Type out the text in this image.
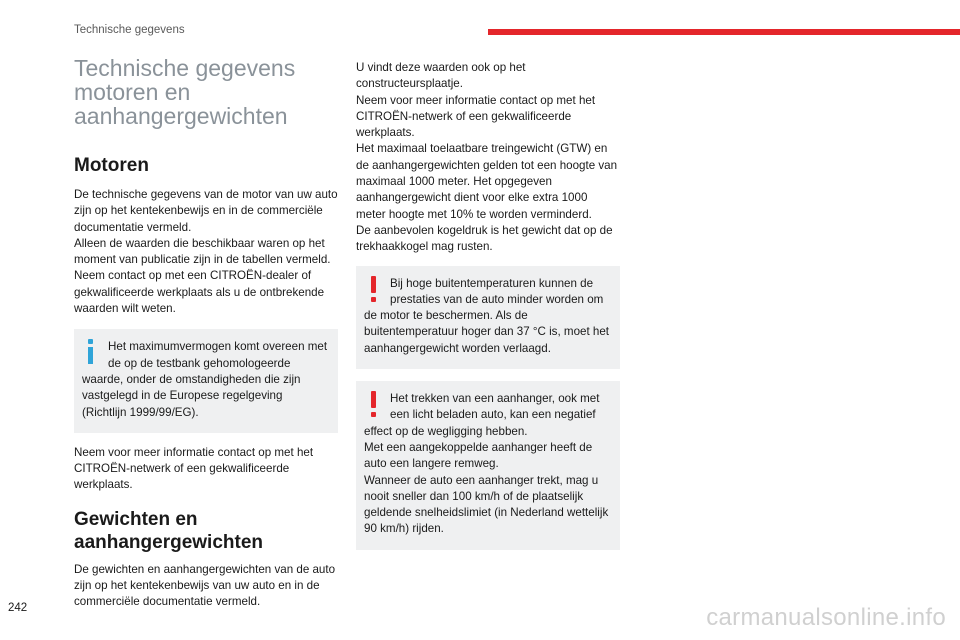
Technische gegevens
Technische gegevens motoren en aanhangergewichten
Motoren

De technische gegevens van de motor van uw auto zijn op het kentekenbewijs en in de commerciële documentatie vermeld.
Alleen de waarden die beschikbaar waren op het moment van publicatie zijn in de tabellen vermeld.
Neem contact op met een CITROËN-dealer of gekwalificeerde werkplaats als u de ontbrekende waarden wilt weten.

Het maximumvermogen komt overeen met de op de testbank gehomologeerde waarde, onder de omstandigheden die zijn vastgelegd in de Europese regelgeving (Richtlijn 1999/99/EG).

Neem voor meer informatie contact op met het CITROËN-netwerk of een gekwalificeerde werkplaats.

Gewichten en aanhangergewichten

De gewichten en aanhangergewichten van de auto zijn op het kentekenbewijs van uw auto en in de commerciële documentatie vermeld.

U vindt deze waarden ook op het constructeursplaatje.
Neem voor meer informatie contact op met het CITROËN-netwerk of een gekwalificeerde werkplaats.
Het maximaal toelaatbare treingewicht (GTW) en de aanhangergewichten gelden tot een hoogte van maximaal 1000 meter. Het opgegeven aanhangergewicht dient voor elke extra 1000 meter hoogte met 10% te worden verminderd.
De aanbevolen kogeldruk is het gewicht dat op de trekhaakkogel mag rusten.

Bij hoge buitentemperaturen kunnen de prestaties van de auto minder worden om de motor te beschermen. Als de buitentemperatuur hoger dan 37 °C is, moet het aanhangergewicht worden verlaagd.

Het trekken van een aanhanger, ook met een licht beladen auto, kan een negatief effect op de wegligging hebben.
Met een aangekoppelde aanhanger heeft de auto een langere remweg.
Wanneer de auto een aanhanger trekt, mag u nooit sneller dan 100 km/h of de plaatselijk geldende snelheidslimiet (in Nederland wettelijk 90 km/h) rijden.

242	carmanualsonline.info
